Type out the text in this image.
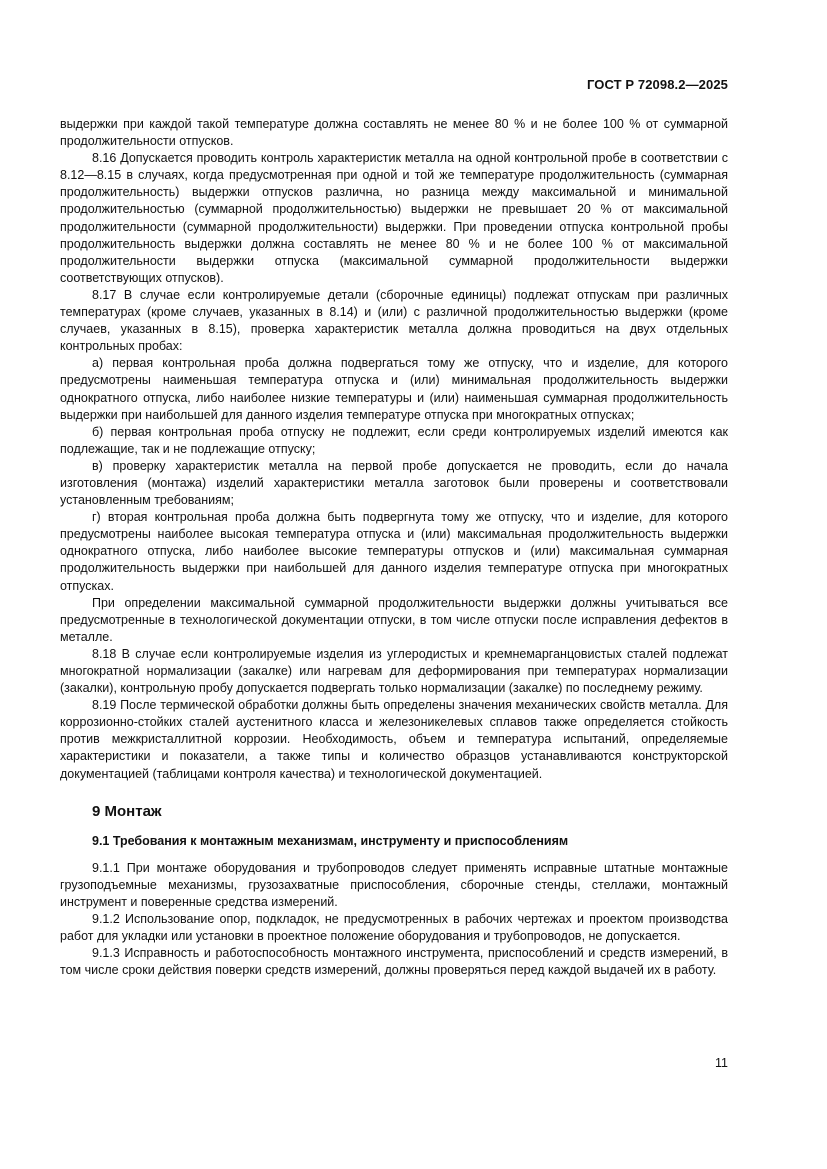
ГОСТ Р 72098.2—2025

выдержки при каждой такой температуре должна составлять не менее 80 % и не более 100 % от суммарной продолжительности отпусков.

8.16 Допускается проводить контроль характеристик металла на одной контрольной пробе в соответствии с 8.12—8.15 в случаях, когда предусмотренная при одной и той же температуре продолжительность (суммарная продолжительность) выдержки отпусков различна, но разница между максимальной и минимальной продолжительностью (суммарной продолжительностью) выдержки не превышает 20 % от максимальной продолжительности (суммарной продолжительности) выдержки. При проведении отпуска контрольной пробы продолжительность выдержки должна составлять не менее 80 % и не более 100 % от максимальной продолжительности выдержки отпуска (максимальной суммарной продолжительности выдержки соответствующих отпусков).

8.17 В случае если контролируемые детали (сборочные единицы) подлежат отпускам при различных температурах (кроме случаев, указанных в 8.14) и (или) с различной продолжительностью выдержки (кроме случаев, указанных в 8.15), проверка характеристик металла должна проводиться на двух отдельных контрольных пробах:

а) первая контрольная проба должна подвергаться тому же отпуску, что и изделие, для которого предусмотрены наименьшая температура отпуска и (или) минимальная продолжительность выдержки однократного отпуска, либо наиболее низкие температуры и (или) наименьшая суммарная продолжительность выдержки при наибольшей для данного изделия температуре отпуска при многократных отпусках;

б) первая контрольная проба отпуску не подлежит, если среди контролируемых изделий имеются как подлежащие, так и не подлежащие отпуску;

в) проверку характеристик металла на первой пробе допускается не проводить, если до начала изготовления (монтажа) изделий характеристики металла заготовок были проверены и соответствовали установленным требованиям;

г) вторая контрольная проба должна быть подвергнута тому же отпуску, что и изделие, для которого предусмотрены наиболее высокая температура отпуска и (или) максимальная продолжительность выдержки однократного отпуска, либо наиболее высокие температуры отпусков и (или) максимальная суммарная продолжительность выдержки при наибольшей для данного изделия температуре отпуска при многократных отпусках.

При определении максимальной суммарной продолжительности выдержки должны учитываться все предусмотренные в технологической документации отпуски, в том числе отпуски после исправления дефектов в металле.

8.18 В случае если контролируемые изделия из углеродистых и кремнемарганцовистых сталей подлежат многократной нормализации (закалке) или нагревам для деформирования при температурах нормализации (закалки), контрольную пробу допускается подвергать только нормализации (закалке) по последнему режиму.

8.19 После термической обработки должны быть определены значения механических свойств металла. Для коррозионно-стойких сталей аустенитного класса и железоникелевых сплавов также определяется стойкость против межкристаллитной коррозии. Необходимость, объем и температура испытаний, определяемые характеристики и показатели, а также типы и количество образцов устанавливаются конструкторской документацией (таблицами контроля качества) и технологической документацией.

9 Монтаж
9.1 Требования к монтажным механизмам, инструменту и приспособлениям

9.1.1 При монтаже оборудования и трубопроводов следует применять исправные штатные монтажные грузоподъемные механизмы, грузозахватные приспособления, сборочные стенды, стеллажи, монтажный инструмент и поверенные средства измерений.

9.1.2 Использование опор, подкладок, не предусмотренных в рабочих чертежах и проектом производства работ для укладки или установки в проектное положение оборудования и трубопроводов, не допускается.

9.1.3 Исправность и работоспособность монтажного инструмента, приспособлений и средств измерений, в том числе сроки действия поверки средств измерений, должны проверяться перед каждой выдачей их в работу.

11
